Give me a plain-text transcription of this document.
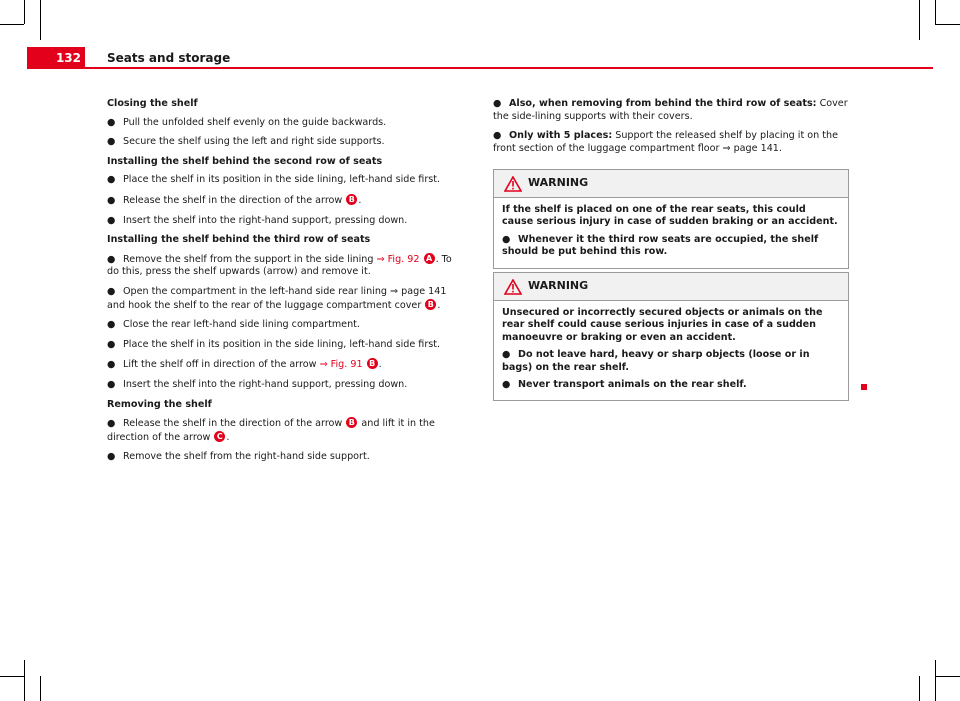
132 Seats and storage

Closing the shelf

● Pull the unfolded shelf evenly on the guide backwards.

● Secure the shelf using the left and right side supports.

Installing the shelf behind the second row of seats

● Place the shelf in its position in the side lining, left-hand side first.

● Release the shelf in the direction of the arrow B .

● Insert the shelf into the right-hand support, pressing down.

Installing the shelf behind the third row of seats

● Remove the shelf from the support in the side lining ⇒ Fig. 92 A . To do this, press the shelf upwards (arrow) and remove it.

● Open the compartment in the left-hand side rear lining ⇒ page 141 and hook the shelf to the rear of the luggage compartment cover B .

● Close the rear left-hand side lining compartment.

● Place the shelf in its position in the side lining, left-hand side first.

● Lift the shelf off in direction of the arrow ⇒ Fig. 91 B .

● Insert the shelf into the right-hand support, pressing down.

Removing the shelf

● Release the shelf in the direction of the arrow B and lift it in the direction of the arrow C .

● Remove the shelf from the right-hand side support.

● Also, when removing from behind the third row of seats: Cover the side-lining supports with their covers.

● Only with 5 places: Support the released shelf by placing it on the front section of the luggage compartment floor ⇒ page 141.

WARNING

If the shelf is placed on one of the rear seats, this could cause serious injury in case of sudden braking or an accident.

● Whenever it the third row seats are occupied, the shelf should be put behind this row.

WARNING

Unsecured or incorrectly secured objects or animals on the rear shelf could cause serious injuries in case of a sudden manoeuvre or braking or even an accident.

● Do not leave hard, heavy or sharp objects (loose or in bags) on the rear shelf.

● Never transport animals on the rear shelf.
